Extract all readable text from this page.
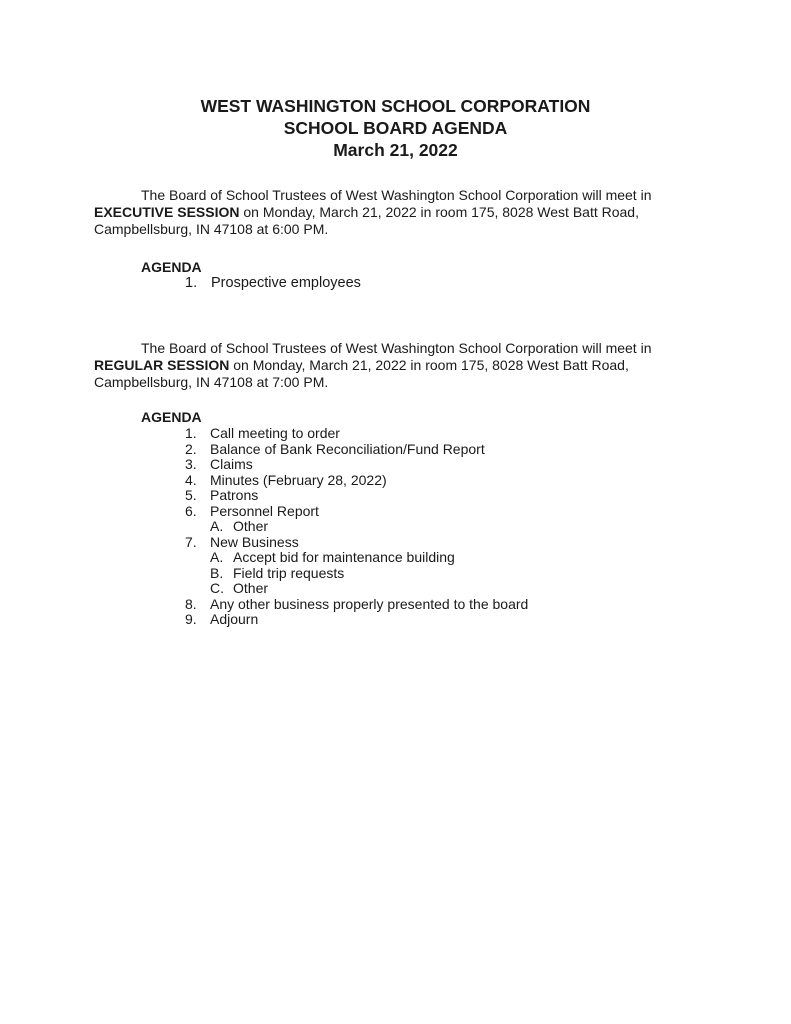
WEST WASHINGTON SCHOOL CORPORATION
SCHOOL BOARD AGENDA
March 21, 2022
The Board of School Trustees of West Washington School Corporation will meet in EXECUTIVE SESSION on Monday, March 21, 2022 in room 175, 8028 West Batt Road, Campbellsburg, IN 47108 at 6:00 PM.
AGENDA
1. Prospective employees
The Board of School Trustees of West Washington School Corporation will meet in REGULAR SESSION on Monday, March 21, 2022 in room 175, 8028 West Batt Road, Campbellsburg, IN 47108 at 7:00 PM.
AGENDA
1. Call meeting to order
2. Balance of Bank Reconciliation/Fund Report
3. Claims
4. Minutes (February 28, 2022)
5. Patrons
6. Personnel Report
A. Other
7. New Business
A. Accept bid for maintenance building
B. Field trip requests
C. Other
8. Any other business properly presented to the board
9. Adjourn
